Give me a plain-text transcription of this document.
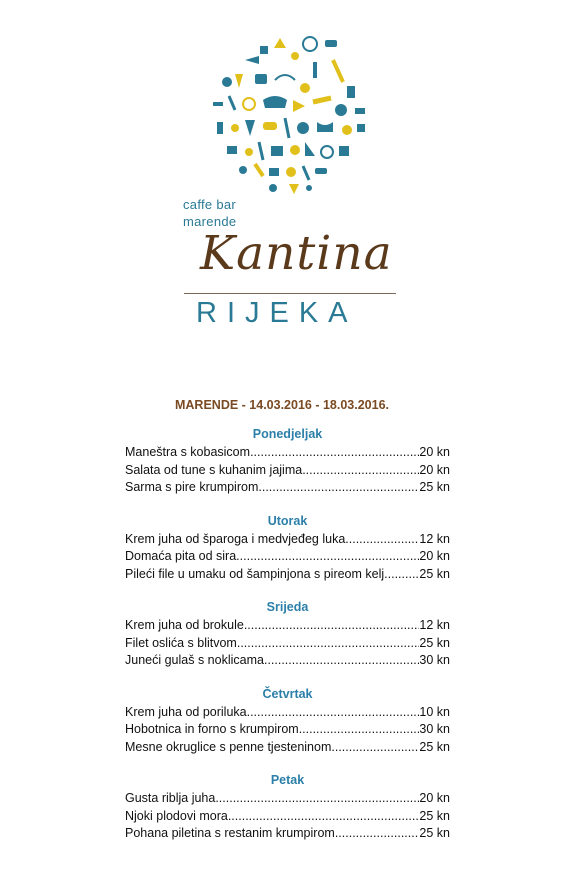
caffe bar
marende
Kantina
RIJEKA
MARENDE - 14.03.2016 - 18.03.2016.
Ponedjeljak
Maneštra s kobasicom .....	20 kn
Salata od tune s kuhanim jajima .....	20 kn
Sarma s pire krumpirom .....	25 kn
Utorak
Krem juha od šparoga i medvjeđeg luka .....	12 kn
Domaća pita od sira .....	20 kn
Pileći file u umaku od šampinjona s pireom kelj .....	25 kn
Srijeda
Krem juha od brokule .....	12 kn
Filet oslića s blitvom .....	25 kn
Juneći gulaš s noklicama .....	30 kn
Četvrtak
Krem juha od poriluka .....	10 kn
Hobotnica in forno s krumpirom .....	30 kn
Mesne okruglice s penne tjesteninom .....	25 kn
Petak
Gusta riblja juha .....	20 kn
Njoki plodovi mora .....	25 kn
Pohana piletina s restanim krumpirom .....	25 kn
